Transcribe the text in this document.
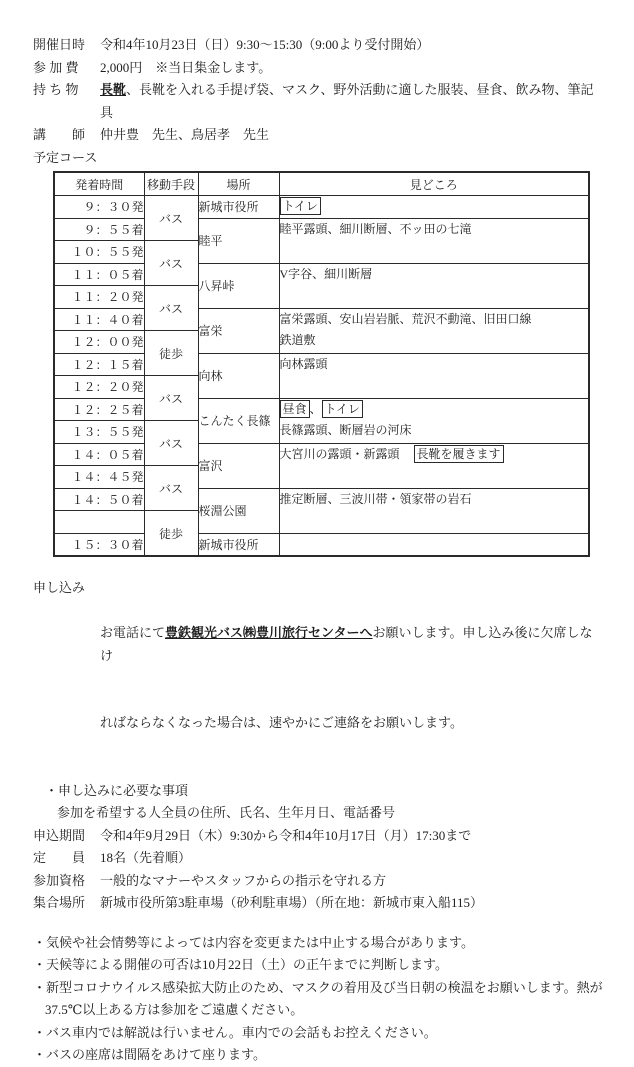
開催日時	令和4年10月23日（日）9:30～15:30（9:00より受付開始）
参 加 費	2,000円　※当日集金します。
持 ち 物	長靴、長靴を入れる手提げ袋、マスク、野外活動に適した服装、昼食、飲み物、筆記具
講　　師	仲井豊　先生、鳥居孝　先生
予定コース
発着時間	移動手段	場所	見どころ
９：３０発	バス	新城市役所	トイレ
９：５５着		睦平	睦平露頭、細川断層、不ッ田の七滝
１０：５５発	バス		
１１：０５着		八昇峠	V字谷、細川断層
１１：２０発	バス		
１１：４０着		富栄	富栄露頭、安山岩岩脈、荒沢不動滝、旧田口線
鉄道敷
１２：００発	徒歩		
１２：１５着		向林	向林露頭
１２：２０発	バス		
１２：２５着		こんたく長篠	昼食 、 トイレ
長篠露頭、断層岩の河床
１３：５５発	バス		
１４：０５着		富沢	大宮川の露頭・新露頭 長靴を履きます
１４：４５発	バス		
１４：５０着		桜淵公園	推定断層、三波川帯・領家帯の岩石
	徒歩		
１５：３０着		新城市役所	
申し込み

お電話にて豊鉄観光バス㈱豊川旅行センターへお願いします。申し込み後に欠席しなけ

ればならなくなった場合は、速やかにご連絡をお願いします。

・申し込みに必要な事項
参加を希望する人全員の住所、氏名、生年月日、電話番号
申込期間	令和4年9月29日（木）9:30から令和4年10月17日（月）17:30まで
定　　員	18名（先着順）
参加資格	一般的なマナーやスタッフからの指示を守れる方
集合場所	新城市役所第3駐車場（砂利駐車場）（所在地：新城市東入船115）
・気候や社会情勢等によっては内容を変更または中止する場合があります。
・天候等による開催の可否は10月22日（土）の正午までに判断します。
・新型コロナウイルス感染拡大防止のため、マスクの着用及び当日朝の検温をお願いします。熱が
37.5℃以上ある方は参加をご遠慮ください。
・バス車内では解説は行いません。車内での会話もお控えください。
・バスの座席は間隔をあけて座ります。
